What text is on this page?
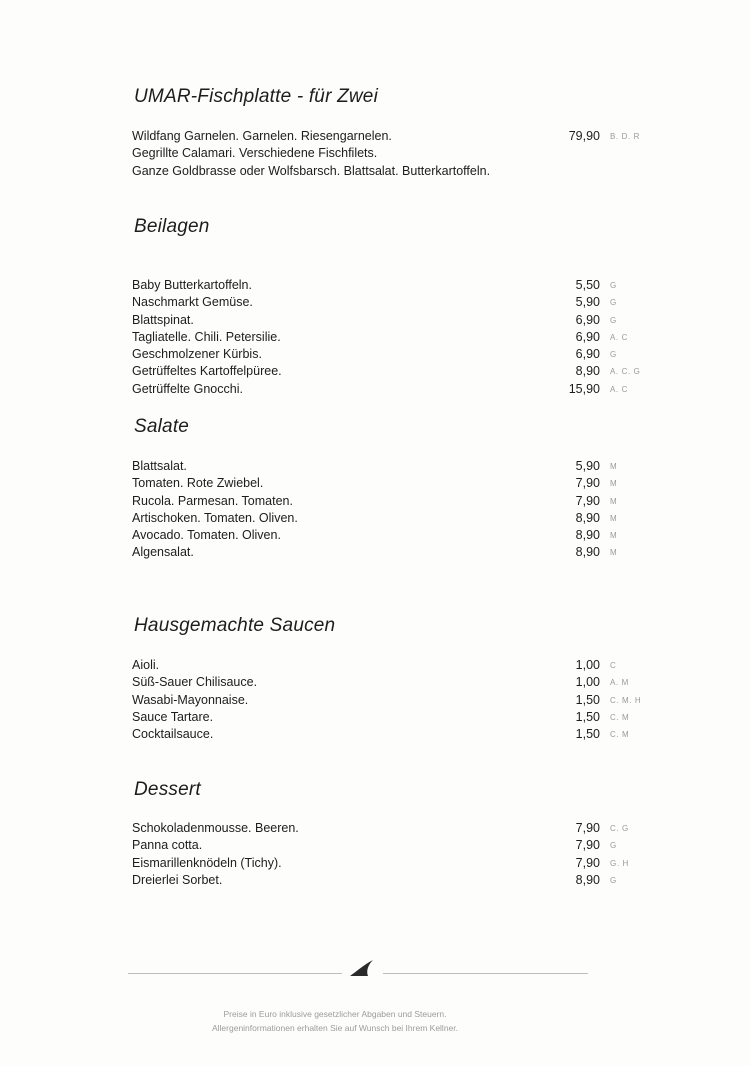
UMAR-Fischplatte - für Zwei
Wildfang Garnelen. Garnelen. Riesengarnelen.	79,90 B. D. R
Gegrillte Calamari. Verschiedene Fischfilets.
Ganze Goldbrasse oder Wolfsbarsch. Blattsalat. Butterkartoffeln.
Beilagen
Baby Butterkartoffeln.	5,50 G
Naschmarkt Gemüse.	5,90 G
Blattspinat.	6,90 G
Tagliatelle. Chili. Petersilie.	6,90 A. C
Geschmolzener Kürbis.	6,90 G
Getrüffeltes Kartoffelpüree.	8,90 A. C. G
Getrüffelte Gnocchi.	15,90 A. C
Salate
Blattsalat.	5,90 M
Tomaten. Rote Zwiebel.	7,90 M
Rucola. Parmesan. Tomaten.	7,90 M
Artischoken. Tomaten. Oliven.	8,90 M
Avocado. Tomaten. Oliven.	8,90 M
Algensalat.	8,90 M
Hausgemachte Saucen
Aioli.	1,00 C
Süß-Sauer Chilisauce.	1,00 A. M
Wasabi-Mayonnaise.	1,50 C. M. H
Sauce Tartare.	1,50 C. M
Cocktailsauce.	1,50 C. M
Dessert
Schokoladenmousse. Beeren.	7,90 C. G
Panna cotta.	7,90 G
Eismarillenknödeln (Tichy).	7,90 G. H
Dreierlei Sorbet.	8,90 G

Preise in Euro inklusive gesetzlicher Abgaben und Steuern.

Allergeninformationen erhalten Sie auf Wunsch bei Ihrem Kellner.
